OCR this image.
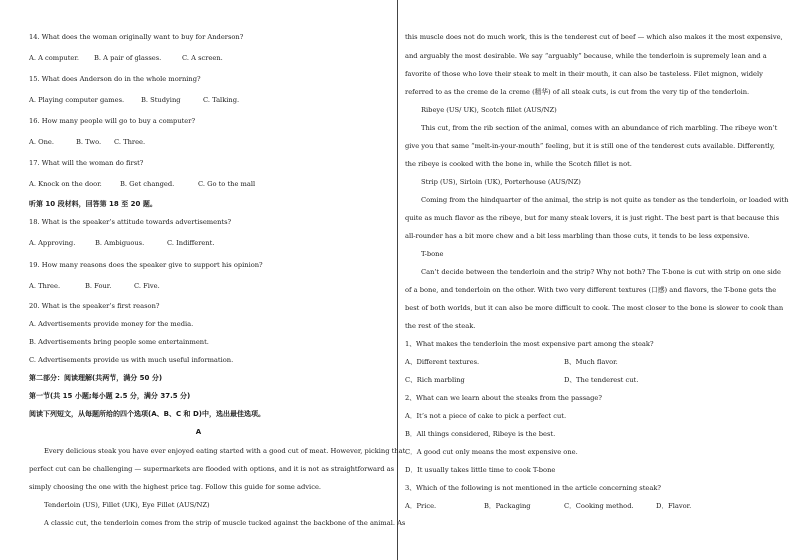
14. What does the woman originally want to buy for Anderson?
A. A computer. B. A pair of glasses.	C. A screen.
15. What does Anderson do in the whole morning?
A. Playing computer games.	B. Studying	C. Talking.
16. How many people will go to buy a computer?
A. One.	B. Two. C. Three.
17. What will the woman do first?
A. Knock on the door.	B. Get changed.	C. Go to the mall
听第 10 段材料，回答第 18 至 20 题。
18. What is the speaker’s attitude towards advertisements?
A. Approving.	B. Ambiguous.	C. Indifferent.
19. How many reasons does the speaker give to support his opinion?
A. Three.	B. Four.	C. Five.
20. What is the speaker’s first reason?
A. Advertisements provide money for the media.
B. Advertisements bring people some entertainment.
C. Advertisements provide us with much useful information.
第二部分：阅读理解(共两节，满分 50 分)
第一节(共 15 小题;每小题 2.5 分，满分 37.5 分)
阅读下列短文，从每题所给的四个选项(A、B、C 和 D)中，选出最佳选项。
A
Every delicious steak you have ever enjoyed eating started with a good cut of meat. However, picking that
perfect cut can be challenging — supermarkets are flooded with options, and it is not as straightforward as
simply choosing the one with the highest price tag. Follow this guide for some advice.
Tenderloin (US), Fillet (UK), Eye Fillet (AUS/NZ)
A classic cut, the tenderloin comes from the strip of muscle tucked against the backbone of the animal. As
this muscle does not do much work, this is the tenderest cut of beef — which also makes it the most expensive,
and arguably the most desirable. We say “arguably” because, while the tenderloin is supremely lean and a
favorite of those who love their steak to melt in their mouth, it can also be tasteless. Filet mignon, widely
referred to as the creme de la creme (精华) of all steak cuts, is cut from the very tip of the tenderloin.
Ribeye (US/ UK), Scotch fillet (AUS/NZ)
This cut, from the rib section of the animal, comes with an abundance of rich marbling. The ribeye won’t
give you that same “melt-in-your-mouth” feeling, but it is still one of the tenderest cuts available. Differently,
the ribeye is cooked with the bone in, while the Scotch fillet is not.
Strip (US), Sirloin (UK), Porterhouse (AUS/NZ)
Coming from the hindquarter of the animal, the strip is not quite as tender as the tenderloin, or loaded with
quite as much flavor as the ribeye, but for many steak lovers, it is just right. The best part is that because this
all-rounder has a bit more chew and a bit less marbling than those cuts, it tends to be less expensive.
T-bone
Can’t decide between the tenderloin and the strip? Why not both? The T-bone is cut with strip on one side
of a bone, and tenderloin on the other. With two very different textures (口感) and flavors, the T-bone gets the
best of both worlds, but it can also be more difficult to cook. The most closer to the bone is slower to cook than
the rest of the steak.
1、What makes the tenderloin the most expensive part among the steak?
A、Different textures.	B、Much flavor.
C、Rich marbling	D、The tenderest cut.
2、What can we learn about the steaks from the passage?
A．It’s not a piece of cake to pick a perfect cut.
B．All things considered, Ribeye is the best.
C．A good cut only means the most expensive one.
D．It usually takes little time to cook T-bone
3、Which of the following is not mentioned in the article concerning steak?
A．Price.	B．Packaging	C．Cooking method.	D．Flavor.
